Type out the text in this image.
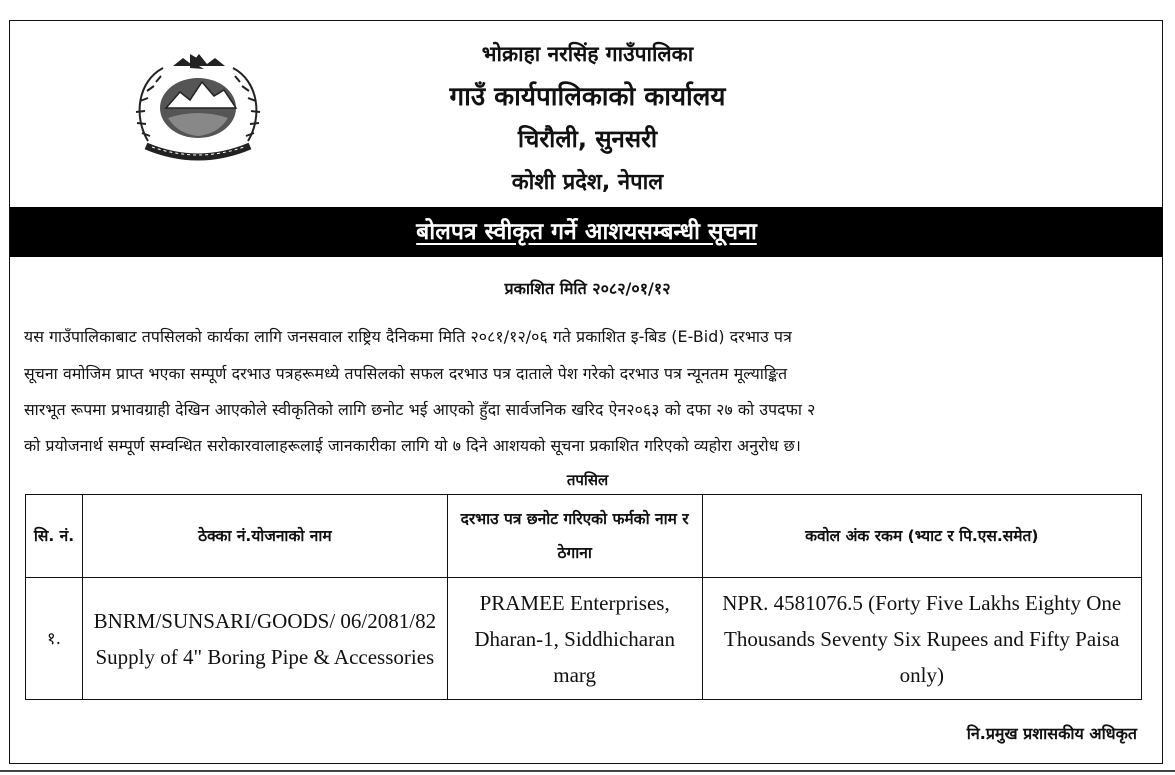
भोक्राहा नरसिंह गाउँपालिका
गाउँ कार्यपालिकाको कार्यालय
चिरौली, सुनसरी
कोशी प्रदेश, नेपाल
बोलपत्र स्वीकृत गर्ने आशयसम्बन्धी सूचना
प्रकाशित मिति २०८२/०१/१२
यस गाउँपालिकाबाट तपसिलको कार्यका लागि जनसवाल राष्ट्रिय दैनिकमा मिति २०८१/१२/०६ गते प्रकाशित इ-बिड (E-Bid) दरभाउ पत्र
सूचना वमोजिम प्राप्त भएका सम्पूर्ण दरभाउ पत्रहरूमध्ये तपसिलको सफल दरभाउ पत्र दाताले पेश गरेको दरभाउ पत्र न्यूनतम मूल्याङ्कित
सारभूत रूपमा प्रभावग्राही देखिन आएकोले स्वीकृतिको लागि छनोट भई आएको हुँदा सार्वजनिक खरिद ऐन२०६३ को दफा २७ को उपदफा २
को प्रयोजनार्थ सम्पूर्ण सम्वन्धित सरोकारवालाहरूलाई जानकारीका लागि यो ७ दिने आशयको सूचना प्रकाशित गरिएको व्यहोरा अनुरोध छ।
तपसिल
सि. नं.	ठेक्का नं.योजनाको नाम	दरभाउ पत्र छनोट गरिएको फर्मको नाम र ठेगाना	कवोल अंक रकम (भ्याट र पि.एस.समेत)
१.	BNRM/SUNSARI/GOODS/ 06/2081/82 Supply of 4" Boring Pipe & Accessories	PRAMEE Enterprises, Dharan-1, Siddhicharan marg	NPR. 4581076.5 (Forty Five Lakhs Eighty One Thousands Seventy Six Rupees and Fifty Paisa only)
नि.प्रमुख प्रशासकीय अधिकृत
